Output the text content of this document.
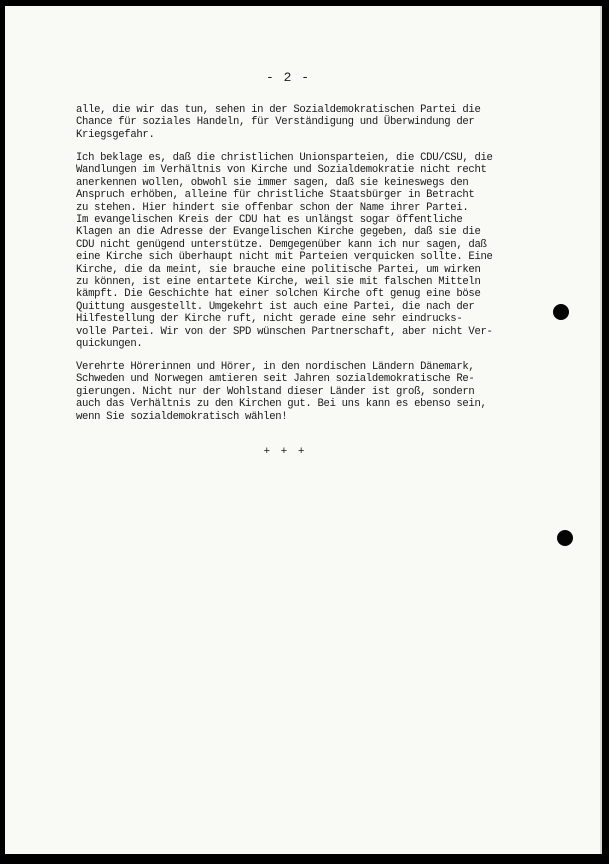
- 2 -
alle, die wir das tun, sehen in der Sozialdemokratischen Partei die
Chance für soziales Handeln, für Verständigung und Überwindung der
Kriegsgefahr.
Ich beklage es, daß die christlichen Unionsparteien, die CDU/CSU, die
Wandlungen im Verhältnis von Kirche und Sozialdemokratie nicht recht
anerkennen wollen, obwohl sie immer sagen, daß sie keineswegs den
Anspruch erhöben, alleine für christliche Staatsbürger in Betracht
zu stehen. Hier hindert sie offenbar schon der Name ihrer Partei.
Im evangelischen Kreis der CDU hat es unlängst sogar öffentliche
Klagen an die Adresse der Evangelischen Kirche gegeben, daß sie die
CDU nicht genügend unterstütze. Demgegenüber kann ich nur sagen, daß
eine Kirche sich überhaupt nicht mit Parteien verquicken sollte. Eine
Kirche, die da meint, sie brauche eine politische Partei, um wirken
zu können, ist eine entartete Kirche, weil sie mit falschen Mitteln
kämpft. Die Geschichte hat einer solchen Kirche oft genug eine böse
Quittung ausgestellt. Umgekehrt ist auch eine Partei, die nach der
Hilfestellung der Kirche ruft, nicht gerade eine sehr eindrucks-
volle Partei. Wir von der SPD wünschen Partnerschaft, aber nicht Ver-
quickungen.
Verehrte Hörerinnen und Hörer, in den nordischen Ländern Dänemark,
Schweden und Norwegen amtieren seit Jahren sozialdemokratische Re-
gierungen. Nicht nur der Wohlstand dieser Länder ist groß, sondern
auch das Verhältnis zu den Kirchen gut. Bei uns kann es ebenso sein,
wenn Sie sozialdemokratisch wählen!
+ + +
